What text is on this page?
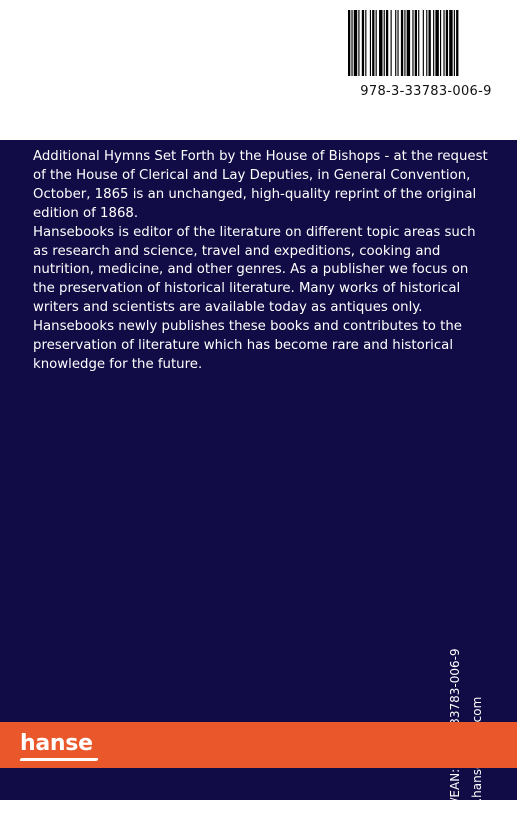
978-3-33783-006-9

Additional Hymns Set Forth by the House of Bishops - at the request of the House of Clerical and Lay Deputies, in General Convention, October, 1865 is an unchanged, high-quality reprint of the original edition of 1868.

Hansebooks is editor of the literature on different topic areas such as research and science, travel and expeditions, cooking and nutrition, medicine, and other genres. As a publisher we focus on the preservation of historical literature. Many works of historical writers and scientists are available today as antiques only. Hansebooks newly publishes these books and contributes to the preservation of literature which has become rare and historical knowledge for the future.

hanse
